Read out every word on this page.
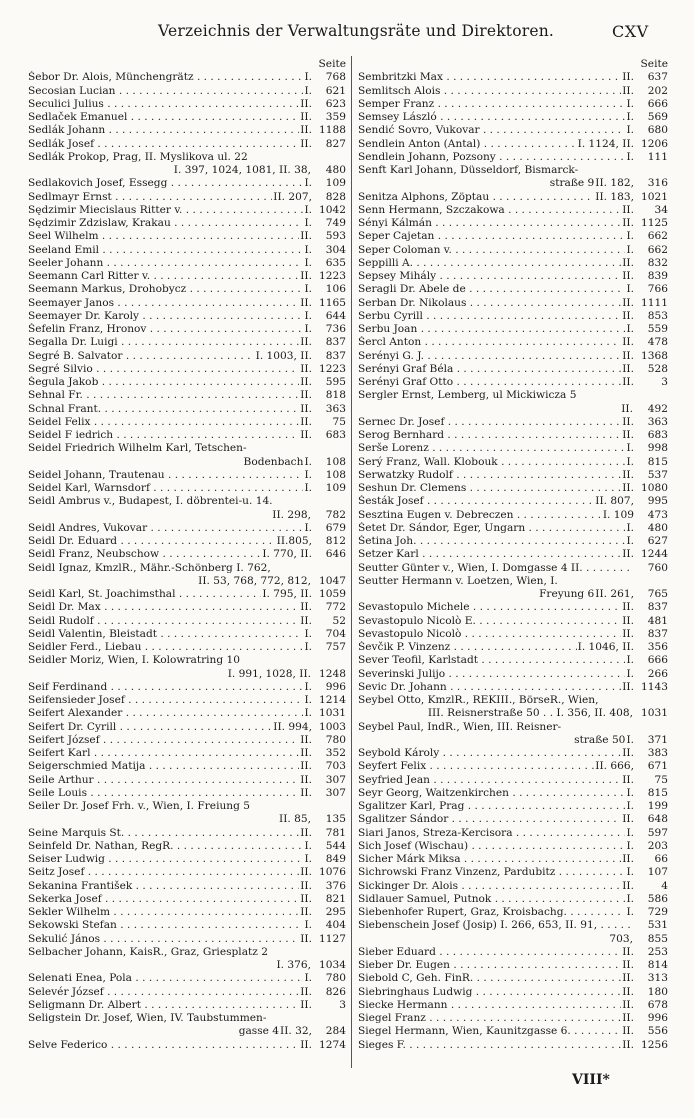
Verzeichnis der Verwaltungsräte und Direktoren.	CXV
Seite
Šebor Dr. Alois, Münchengrätz . . .	I.	768
Secosian Lucian . . .	I.	621
Seculici Julius . . .	II.	623
Sedlaček Emanuel . . .	II.	359
Sedlák Johann . . .	II. 1188
Sedlák Josef . . .	II.	827
Sedlák Prokop, Prag, II. Myslikova ul. 22
I. 397, 1024, 1081, II. 38,	480
Sedlakovich Josef, Essegg . . .	I.	109
Sedlmayr Ernst . . .	II. 207,	828
Sędzimir Miecislaus Ritter v. . . .	I. 1042
Sędzimir Zdzislaw, Krakau . . .	I.	749
Seel Wilhelm . . .	II.	593
Seeland Emil . . .	I.	304
Seeler Johann . . .	I.	635
Seemann Carl Ritter v. . . .	II. 1223
Seemann Markus, Drohobycz . . .	I.	106
Seemayer Janos . . .	II. 1165
Seemayer Dr. Karoly . . .	I.	644
Šefelin Franz, Hronov . . .	I.	736
Segalla Dr. Luigi . . .	II.	837
Segré B. Salvator . . .	I. 1003, II.	837
Segré Silvio . . .	II. 1223
Šegula Jakob . . .	II.	595
Sehnal Fr. . . .	II.	818
Schnal Frant. . . .	II.	363
Seidel Felix . . .	II.	75
Seidel F iedrich . . .	II.	683
Seidel Friedrich Wilhelm Karl, Tetschen-
Bodenbach I.	108
Seidel Johann, Trautenau . . .	I.	108
Seidel Karl, Warnsdorf . . .	I.	109
Seidl Ambrus v., Budapest, I. döbrentei-u. 14.
II. 298,	782
Seidl Andres, Vukovar . . .	I.	679
Seidl Dr. Eduard . . .	II.805,	812
Seidl Franz, Neubschow . . .	I. 770, II.	646
Seidl Ignaz, KmzlR., Mähr.-Schönberg I. 762,
II. 53, 768, 772, 812, 1047
Seidl Karl, St. Joachimsthal . . .	I. 795, II. 1059
Seidl Dr. Max . . .	II.	772
Seidl Rudolf . . .	II.	52
Seidl Valentin, Bleistadt . . .	I.	704
Seidler Ferd., Liebau . . .	I.	757
Seidler Moriz, Wien, I. Kolowratring 10
I. 991, 1028, II. 1248
Seif Ferdinand . . .	I.	996
Seifensieder Josef . . .	I. 1214
Seifert Alexander . . .	I. 1031
Seifert Dr. Cyrill . . .	II. 994, 1003
Seifert József . . .	II.	780
Seifert Karl . . .	II.	352
Seigerschmied Matija . . .	II.	703
Seile Arthur . . .	II.	307
Seile Louis . . .	II.	307
Seiler Dr. Josef Frh. v., Wien, I. Freiung 5
II. 85,	135
Seine Marquis St. . . .	II.	781
Seinfeld Dr. Nathan, RegR. . . .	I.	544
Seiser Ludwig . . .	I.	849
Seitz Josef . . .	II. 1076
Sekanina František . . .	II.	376
Sekerka Josef . . .	II.	821
Sekler Wilhelm . . .	II.	295
Sekowski Stefan . . .	I.	404
Sekulić János . . .	II. 1127
Selbacher Johann, KaisR., Graz, Griesplatz 2
I. 376, 1034
Selenati Enea, Pola . . .	I.	780
Selevér József . . .	II.	826
Seligmann Dr. Albert . . .	II.	3
Seligstein Dr. Josef, Wien, IV. Taubstummen-
gasse 4 II. 32,	284
Selve Federico . . .	II. 1274
Seite
Sembritzki Max . . .	II.	637
Semlitsch Alois . . .	II.	202
Semper Franz . . .	I.	666
Semsey László . . .	I.	569
Sendić Sovro, Vukovar . . .	I.	680
Sendlein Anton (Antal) . . .	I. 1124, II. 1206
Sendlein Johann, Pozsony . . .	I.	111
Senft Karl Johann, Düsseldorf, Bismarck-
straße 9 II. 182,	316
Senitza Alphons, Zöptau . . .	II. 183, 1021
Senn Hermann, Szczakowa . . .	II.	34
Sényi Kálmán . . .	II. 1125
Seper Cajetan . . .	I.	662
Seper Coloman v. . . .	I.	662
Seppilli A. . . .	II.	832
Sepsey Mihály . . .	II.	839
Seragli Dr. Abele de . . .	I.	766
Serban Dr. Nikolaus . . .	II. 1111
Serbu Cyrill . . .	II.	853
Serbu Joan . . .	I.	559
Šercl Anton . . .	II.	478
Serényi G. J. . . .	II. 1368
Serényi Graf Béla . . .	II.	528
Serényi Graf Otto . . .	II.	3
Sergler Ernst, Lemberg, ul Mickiwicza 5
II.	492
Sernec Dr. Josef . . .	II.	363
Serog Bernhard . . .	II.	683
Serše Lorenz . . .	I.	998
Serý Franz, Wall. Klobouk . . .	I.	815
Serwatzky Rudolf . . .	II.	537
Seshun Dr. Clemens . . .	II. 1080
Šesták Josef . . .	II. 807,	995
Sesztina Eugen v. Debreczen . . .	I. 109	473
Šetet Dr. Sándor, Eger, Ungarn . . .	I.	480
Šetina Joh. . . .	I.	627
Setzer Karl . . .	II. 1244
Seutter Günter v., Wien, I. Domgasse 4 II. . . .	760
Seutter Hermann v. Loetzen, Wien, I.
Freyung 6 II. 261,	765
Sevastopulo Michele . . .	II.	837
Sevastopulo Nicolò E. . . .	II.	481
Sevastopulo Nicolò . . .	II.	837
Ševčik P. Vinzenz . . .	I. 1046, II.	356
Sever Teofil, Karlstadt . . .	I.	666
Severinski Julijo . . .	I.	266
Sevic Dr. Johann . . .	II. 1143
Seybel Otto, KmzlR., REKIII., BörseR., Wien,
III. Reisnerstraße 50 . . I. 356, II. 408, 1031
Seybel Paul, IndR., Wien, III. Reisner-
straße 50 I.	371
Seybold Károly . . .	II.	383
Seyfert Felix . . .	II. 666,	671
Seyfried Jean . . .	II.	75
Seyr Georg, Waitzenkirchen . . .	I.	815
Sgalitzer Karl, Prag . . .	I.	199
Sgalitzer Sándor . . .	II.	648
Siari Janos, Streza-Kercisora . . .	I.	597
Sich Josef (Wischau) . . .	I.	203
Sicher Márk Miksa . . .	II.	66
Sichrowski Franz Vinzenz, Pardubitz . . .	I.	107
Sickinger Dr. Alois . . .	II.	4
Sidlauer Samuel, Putnok . . .	I.	586
Siebenhofer Rupert, Graz, Kroisbachg. . . .	I.	729
Siebenschein Josef (Josip) I. 266, 653, II. 91, . . .	531
703,	855
Sieber Eduard . . .	II.	253
Sieber Dr. Eugen . . .	II.	814
Siebold C, Geh. FinR. . . .	II.	313
Siebringhaus Ludwig . . .	II.	180
Siecke Hermann . . .	II.	678
Siegel Franz . . .	II.	996
Siegel Hermann, Wien, Kaunitzgasse 6. . . .	II.	556
Sieges F. . . .	II. 1256
VIII*
